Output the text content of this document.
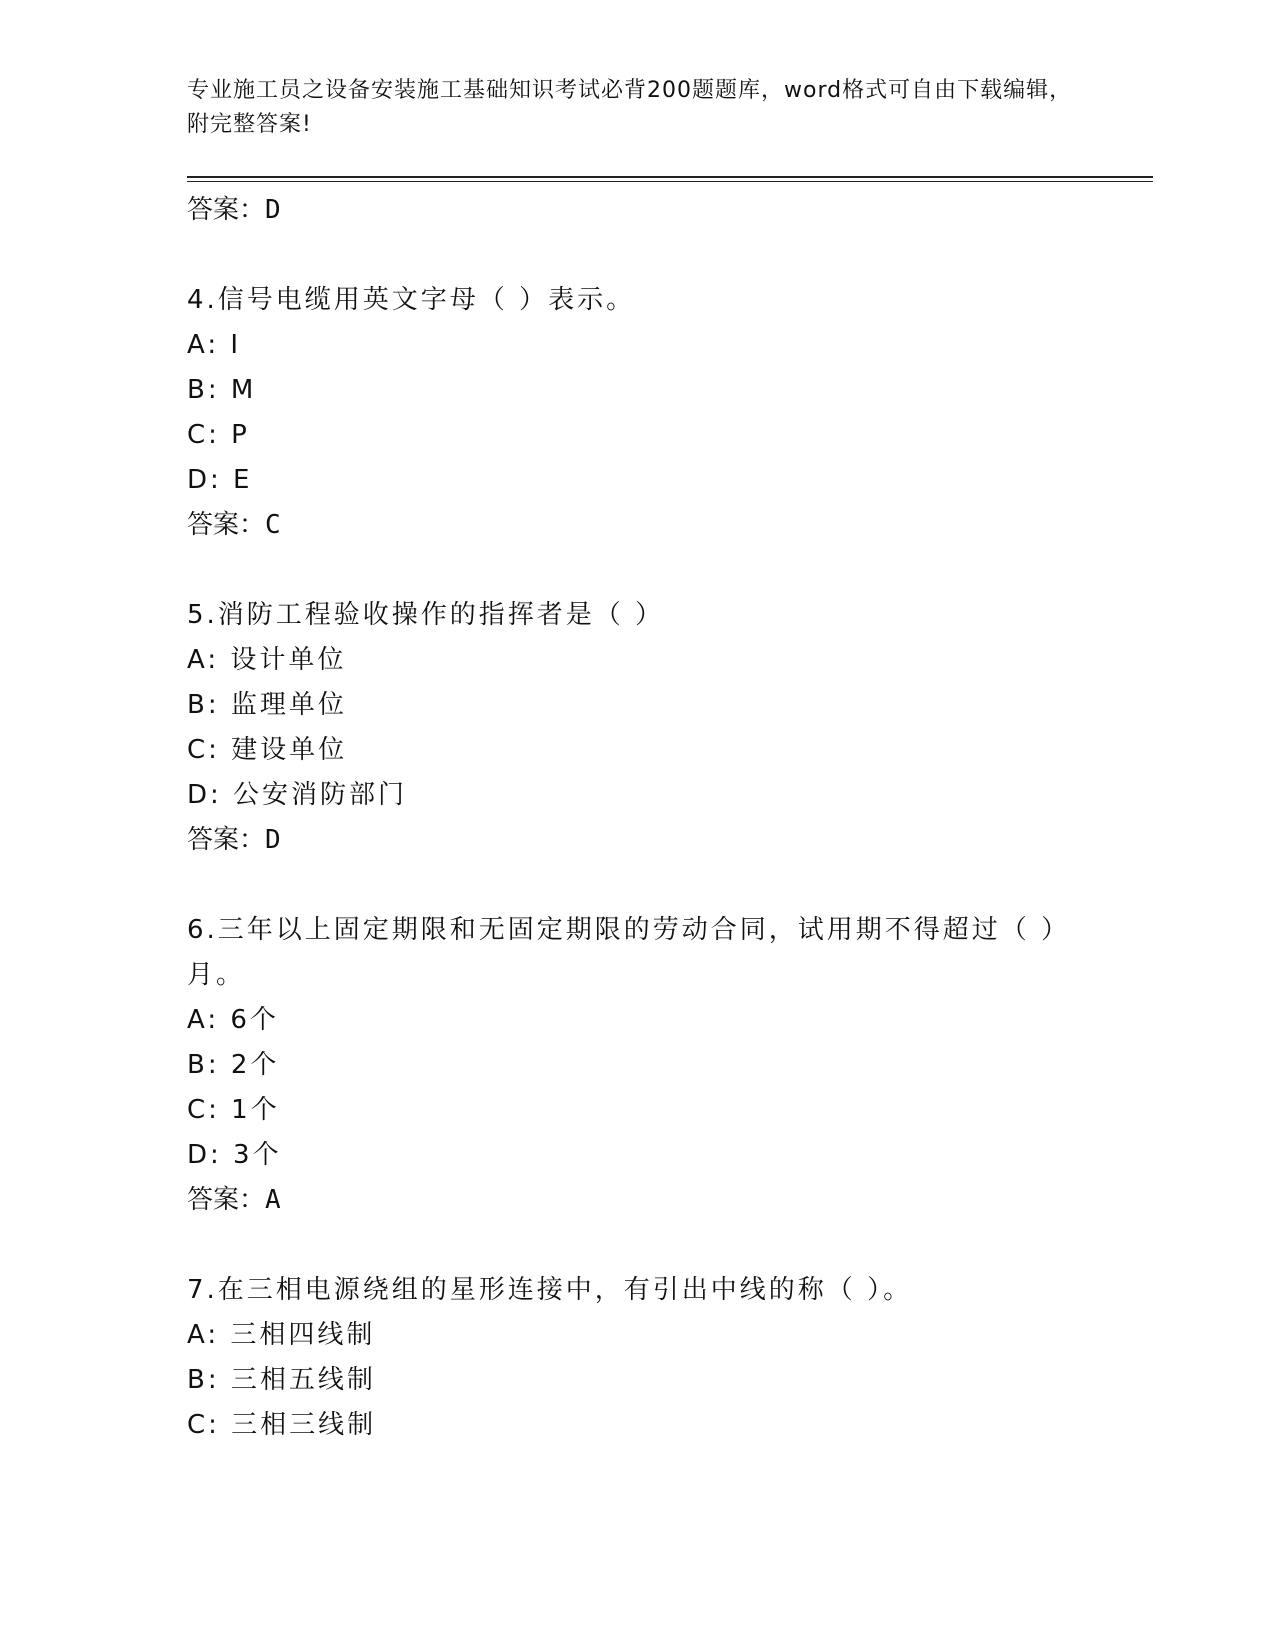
专业施工员之设备安装施工基础知识考试必背200题题库，word格式可自由下载编辑，附完整答案!
答案：D
4.信号电缆用英文字母（ ）表示。
A: I
B: M
C: P
D: E
答案：C
5.消防工程验收操作的指挥者是（ ）
A: 设计单位
B: 监理单位
C: 建设单位
D: 公安消防部门
答案：D
6.三年以上固定期限和无固定期限的劳动合同，试用期不得超过（ ）月。
A: 6个
B: 2个
C: 1个
D: 3个
答案：A
7.在三相电源绕组的星形连接中，有引出中线的称（ ）。
A: 三相四线制
B: 三相五线制
C: 三相三线制
